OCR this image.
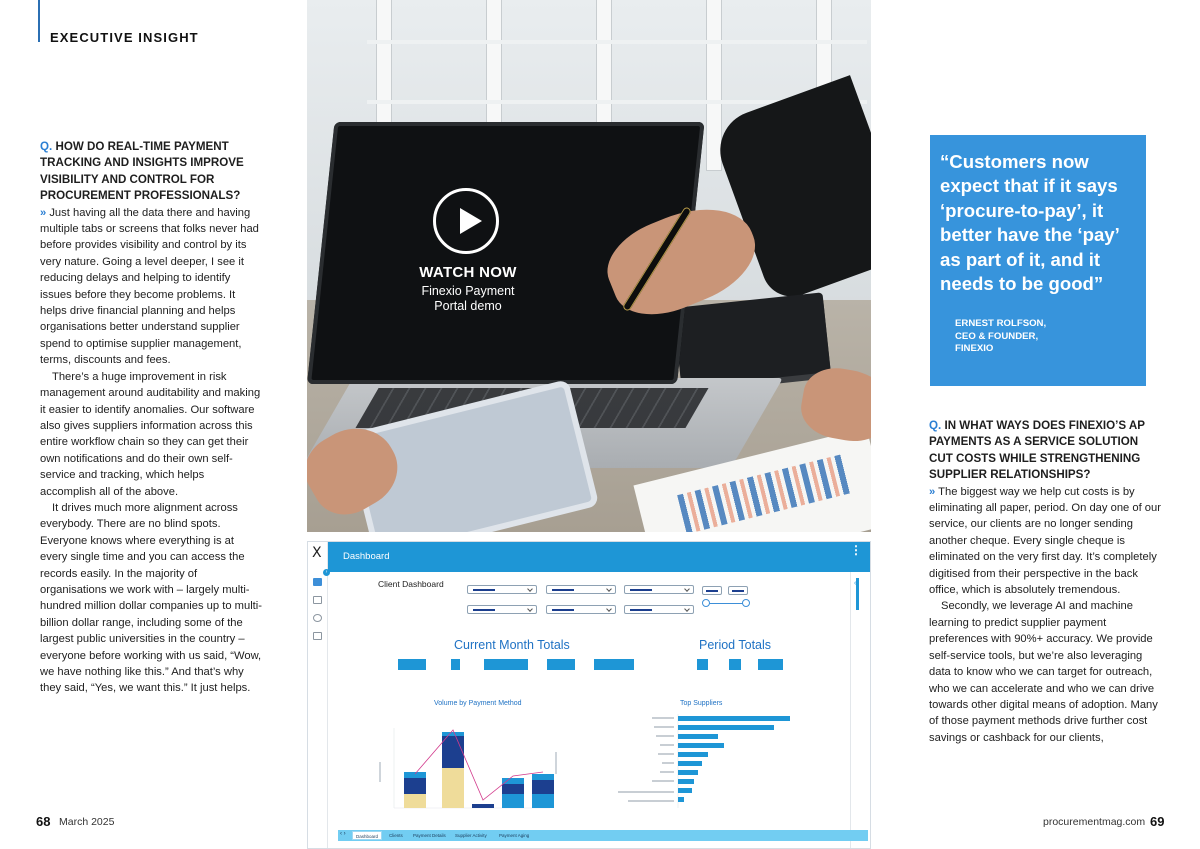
EXECUTIVE INSIGHT
Q. HOW DO REAL-TIME PAYMENT TRACKING AND INSIGHTS IMPROVE VISIBILITY AND CONTROL FOR PROCUREMENT PROFESSIONALS?

» Just having all the data there and having multiple tabs or screens that folks never had before provides visibility and control by its very nature. Going a level deeper, I see it reducing delays and helping to identify issues before they become problems. It helps drive financial planning and helps organisations better understand supplier spend to optimise supplier management, terms, discounts and fees.

There’s a huge improvement in risk management around auditability and making it easier to identify anomalies. Our software also gives suppliers information across this entire workflow chain so they can get their own notifications and do their own self-service and tracking, which helps accomplish all of the above.

It drives much more alignment across everybody. There are no blind spots. Everyone knows where everything is at every single time and you can access the records easily. In the majority of organisations we work with – largely multi-hundred million dollar companies up to multi-billion dollar range, including some of the largest public universities in the country – everyone before working with us said, “Wow, we have nothing like this.” And that’s why they said, “Yes, we want this.” It just helps.

WATCH NOW
Finexio Payment
Portal demo
X
›
Dashboard	⋮
«
Client Dashboard
Current Month Totals	Period Totals
Volume by Payment Method	Top Suppliers
‹ ›	Dashboard	Clients	Payment Details	Supplier Activity	Payment Aging
“Customers now expect that if it says ‘procure-to-pay’, it better have the ‘pay’ as part of it, and it needs to be good”
ERNEST ROLFSON,
CEO & FOUNDER,
FINEXIO
Q. IN WHAT WAYS DOES FINEXIO’S AP PAYMENTS AS A SERVICE SOLUTION CUT COSTS WHILE STRENGTHENING SUPPLIER RELATIONSHIPS?

» The biggest way we help cut costs is by eliminating all paper, period. On day one of our service, our clients are no longer sending another cheque. Every single cheque is eliminated on the very first day. It’s completely digitised from their perspective in the back office, which is absolutely tremendous.

Secondly, we leverage AI and machine learning to predict supplier payment preferences with 90%+ accuracy. We provide self-service tools, but we’re also leveraging data to know who we can target for outreach, who we can accelerate and who we can drive towards other digital means of adoption. Many of those payment methods drive further cost savings or cashback for our clients,

68 March 2025	procurementmag.com 69
